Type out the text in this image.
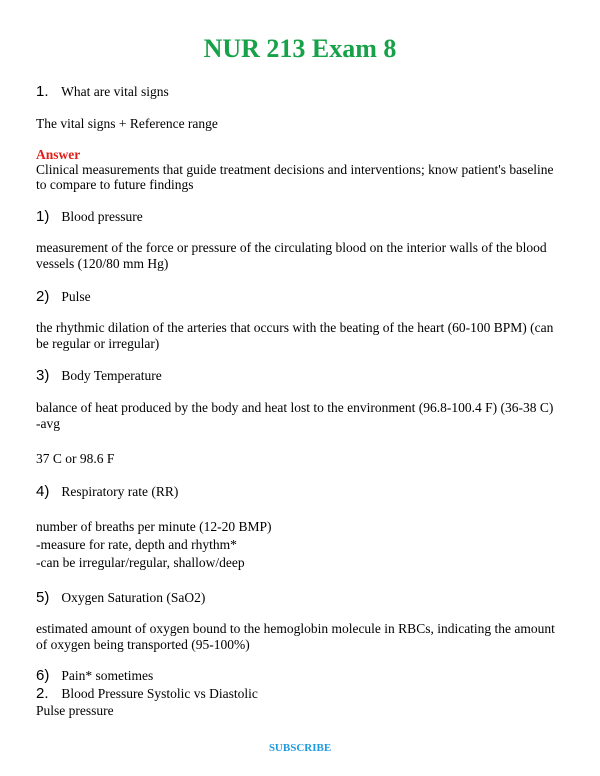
NUR 213 Exam 8
1. What are vital signs
The vital signs + Reference range
Answer
Clinical measurements that guide treatment decisions and interventions; know patient's baseline
to compare to future findings
1) Blood pressure
measurement of the force or pressure of the circulating blood on the interior walls of the blood
vessels (120/80 mm Hg)
2) Pulse
the rhythmic dilation of the arteries that occurs with the beating of the heart (60-100 BPM) (can
be regular or irregular)
3) Body Temperature
balance of heat produced by the body and heat lost to the environment (96.8-100.4 F) (36-38 C)
-avg
37 C or 98.6 F
4) Respiratory rate (RR)
number of breaths per minute (12-20 BMP)
-measure for rate, depth and rhythm*
-can be irregular/regular, shallow/deep
5) Oxygen Saturation (SaO2)
estimated amount of oxygen bound to the hemoglobin molecule in RBCs, indicating the amount
of oxygen being transported (95-100%)
6) Pain* sometimes
2. Blood Pressure Systolic vs Diastolic
Pulse pressure
SUBSCRIBE
